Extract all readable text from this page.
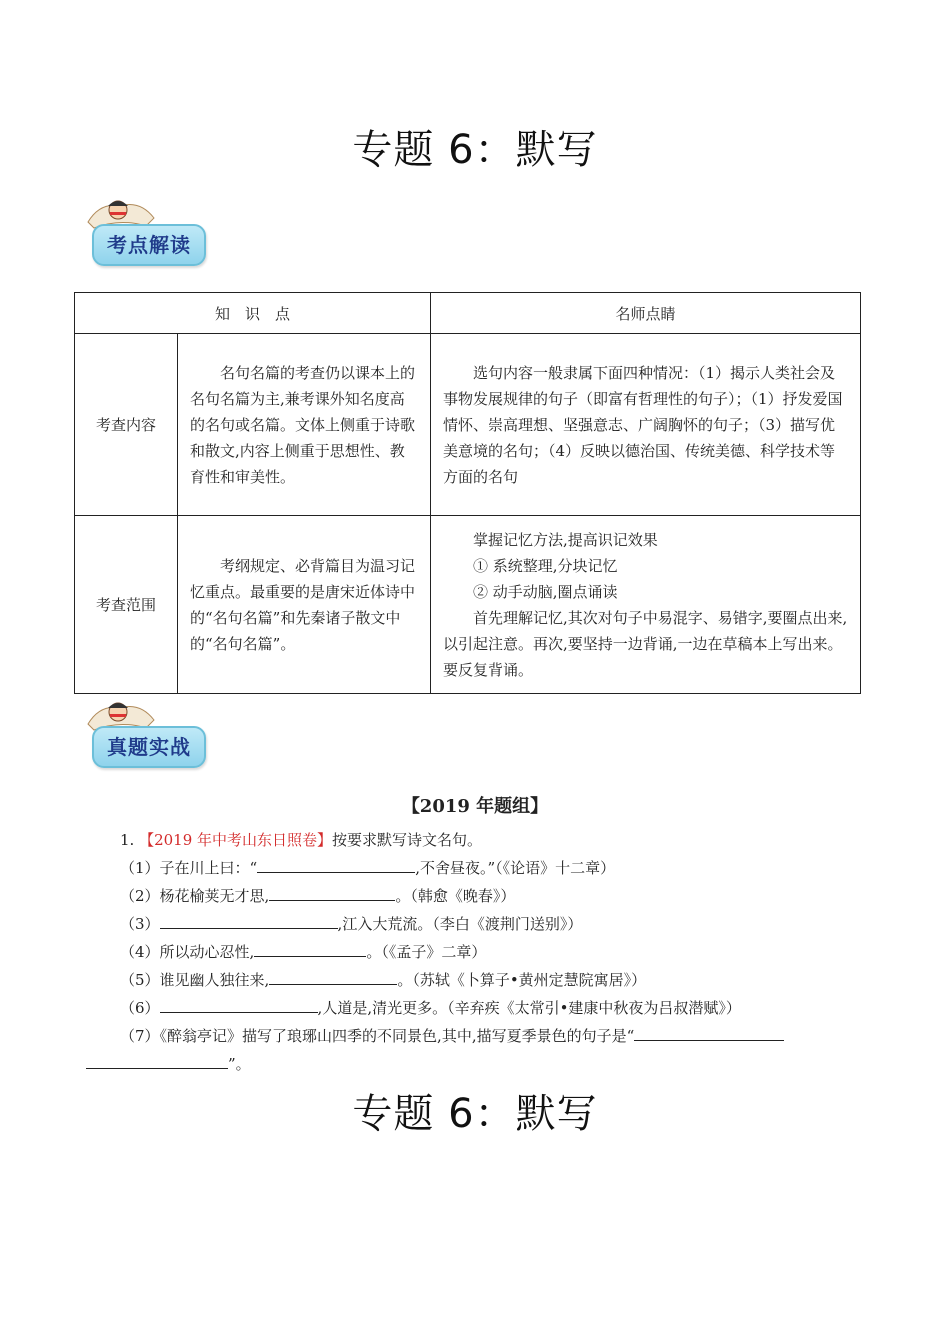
专题 6：默写
考点解读
知　识　点		名师点睛
考查内容	名句名篇的考查仍以课本上的名句名篇为主,兼考课外知名度高的名句或名篇。文体上侧重于诗歌和散文,内容上侧重于思想性、教育性和审美性。	选句内容一般隶属下面四种情况：（1）揭示人类社会及事物发展规律的句子（即富有哲理性的句子）；（1）抒发爱国情怀、崇高理想、坚强意志、广阔胸怀的句子；（3）描写优美意境的名句；（4）反映以德治国、传统美德、科学技术等方面的名句

考查范围	考纲规定、必背篇目为温习记忆重点。最重要的是唐宋近体诗中的“名句名篇”和先秦诸子散文中的“名句名篇”。	掌握记忆方法,提高识记效果
① 系统整理,分块记忆
② 动手动脑,圈点诵读
首先理解记忆,其次对句子中易混字、易错字,要圈点出来,以引起注意。再次,要坚持一边背诵,一边在草稿本上写出来。要反复背诵。
真题实战
【2019 年题组】
1. 【2019 年中考山东日照卷】按要求默写诗文名句。
（1）子在川上曰：“	,不舍昼夜。”（《论语》十二章）
（2）杨花榆荚无才思,	。（韩愈《晚春》）
（3）	,江入大荒流。（李白《渡荆门送别》）
（4）所以动心忍性,	。（《孟子》二章）
（5）谁见幽人独往来,	。（苏轼《卜算子•黄州定慧院寓居》）
（6）	,人道是,清光更多。（辛弃疾《太常引•建康中秋夜为吕叔潜赋》）
（7）《醉翁亭记》描写了琅琊山四季的不同景色,其中,描写夏季景色的句子是“
”。
专题 6：默写
